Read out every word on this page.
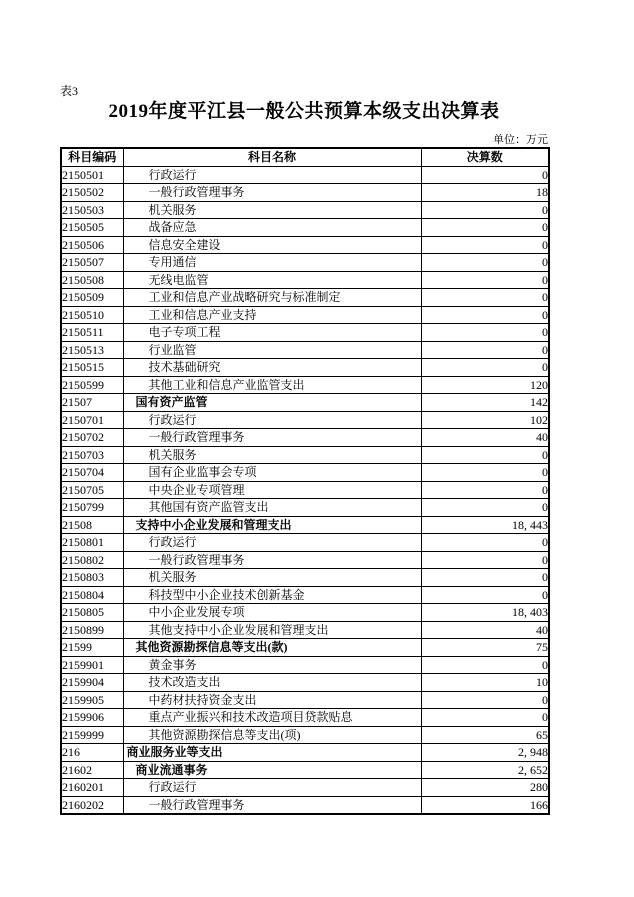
表3
2019年度平江县一般公共预算本级支出决算表
单位：万元
科目编码	科目名称	决算数
2150501	行政运行	0
2150502	一般行政管理事务	18
2150503	机关服务	0
2150505	战备应急	0
2150506	信息安全建设	0
2150507	专用通信	0
2150508	无线电监管	0
2150509	工业和信息产业战略研究与标准制定	0
2150510	工业和信息产业支持	0
2150511	电子专项工程	0
2150513	行业监管	0
2150515	技术基础研究	0
2150599	其他工业和信息产业监管支出	120
21507	国有资产监管	142
2150701	行政运行	102
2150702	一般行政管理事务	40
2150703	机关服务	0
2150704	国有企业监事会专项	0
2150705	中央企业专项管理	0
2150799	其他国有资产监管支出	0
21508	支持中小企业发展和管理支出	18, 443
2150801	行政运行	0
2150802	一般行政管理事务	0
2150803	机关服务	0
2150804	科技型中小企业技术创新基金	0
2150805	中小企业发展专项	18, 403
2150899	其他支持中小企业发展和管理支出	40
21599	其他资源勘探信息等支出(款)	75
2159901	黄金事务	0
2159904	技术改造支出	10
2159905	中药材扶持资金支出	0
2159906	重点产业振兴和技术改造项目贷款贴息	0
2159999	其他资源勘探信息等支出(项)	65
216	商业服务业等支出	2, 948
21602	商业流通事务	2, 652
2160201	行政运行	280
2160202	一般行政管理事务	166
